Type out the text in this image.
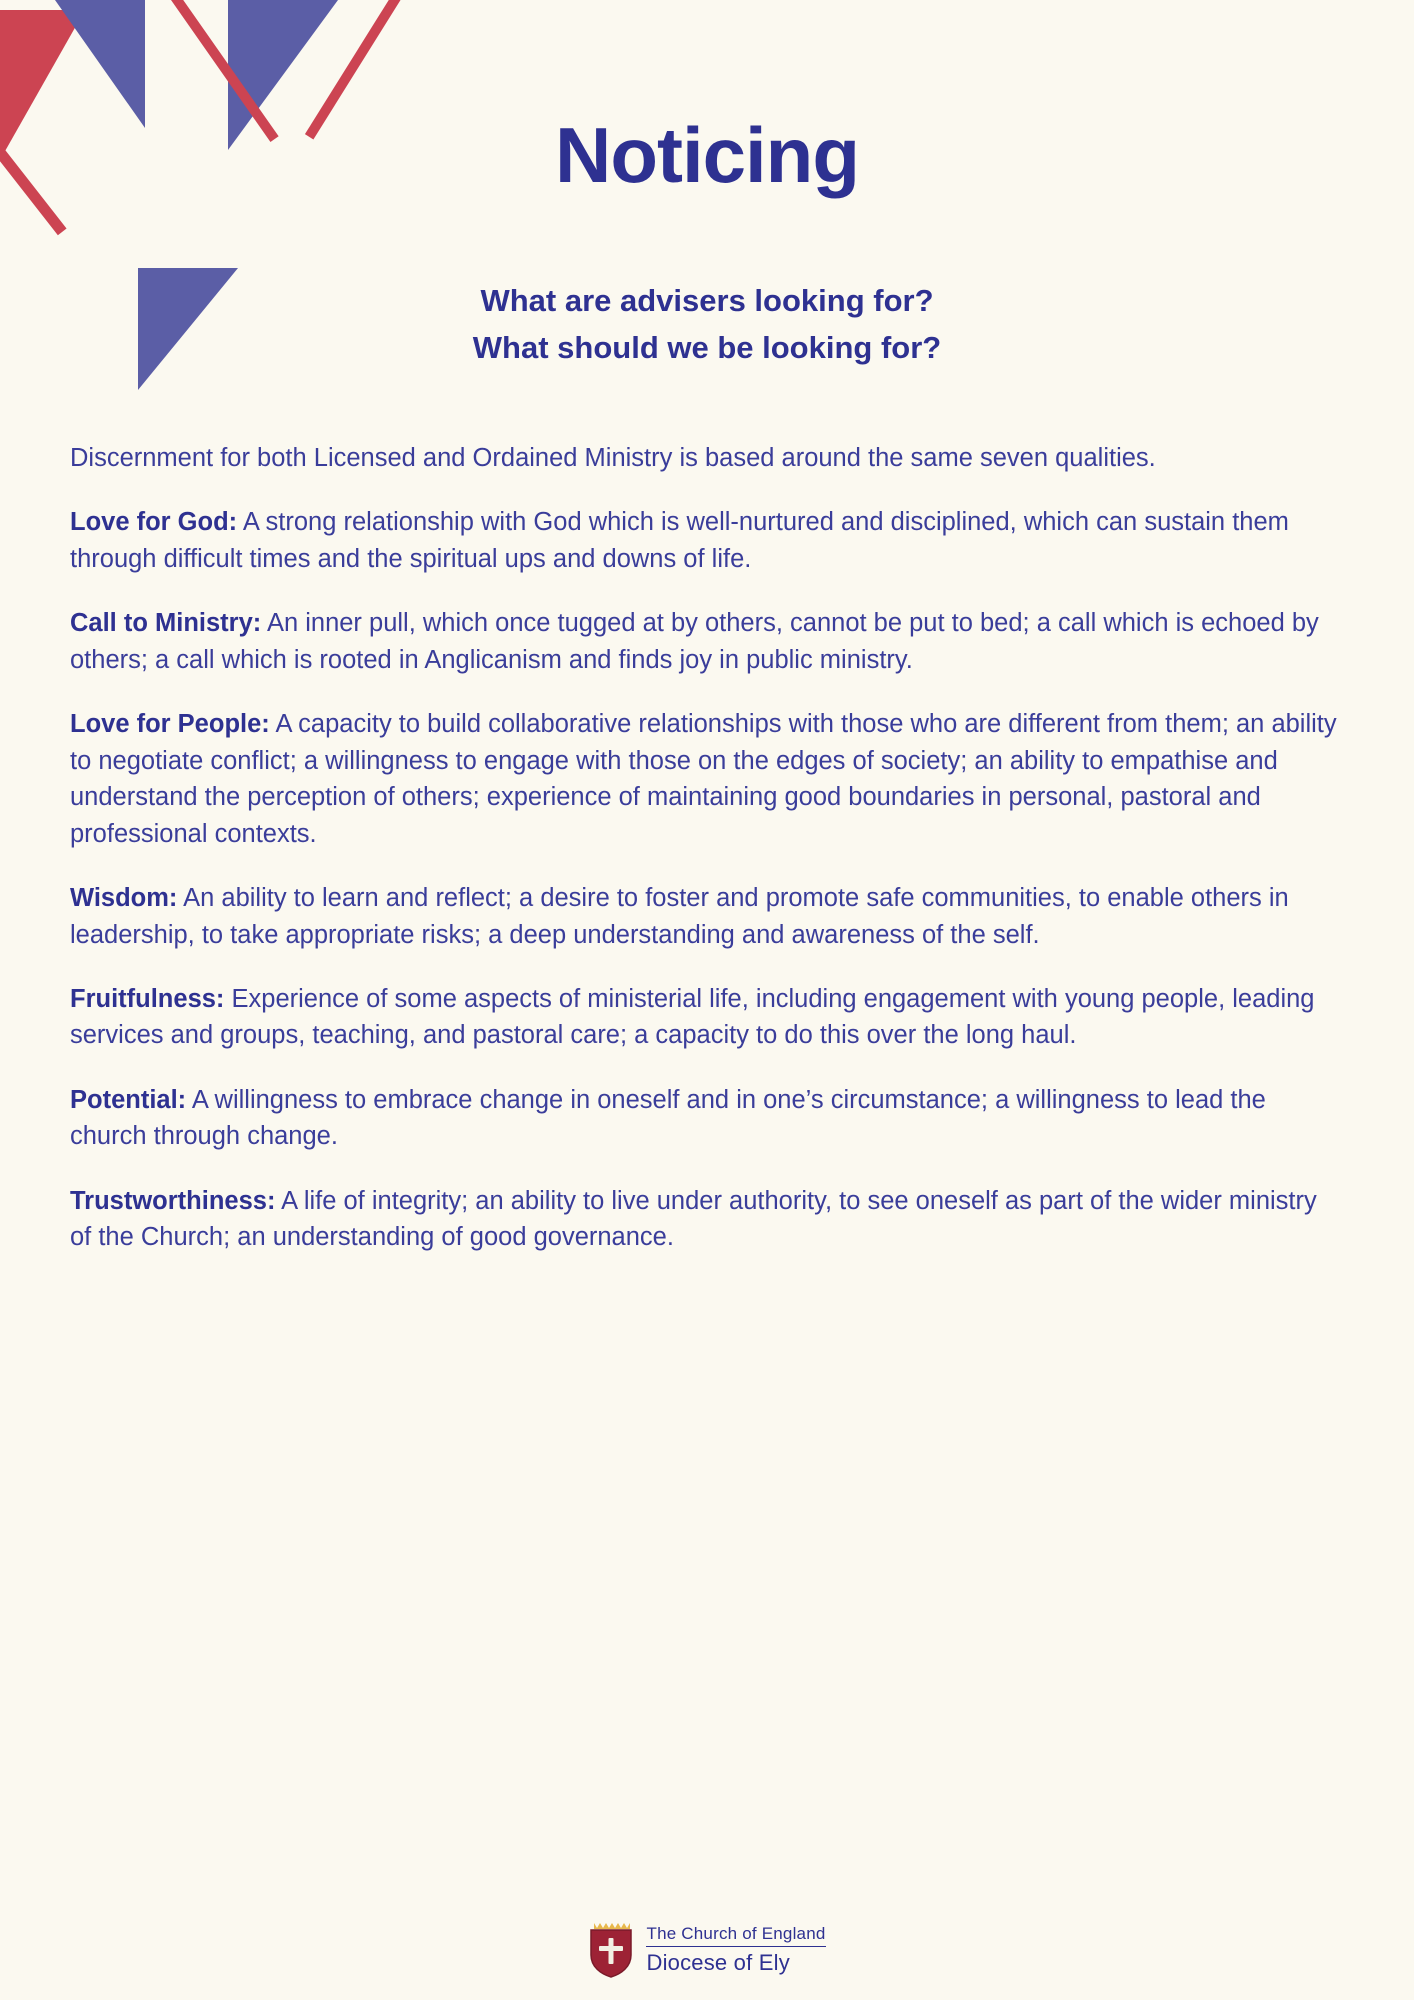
Noticing
What are advisers looking for?
What should we be looking for?

Discernment for both Licensed and Ordained Ministry is based around the same seven qualities.

Love for God: A strong relationship with God which is well-nurtured and disciplined, which can sustain them through difficult times and the spiritual ups and downs of life.

Call to Ministry: An inner pull, which once tugged at by others, cannot be put to bed; a call which is echoed by others; a call which is rooted in Anglicanism and finds joy in public ministry.

Love for People: A capacity to build collaborative relationships with those who are different from them; an ability to negotiate conflict; a willingness to engage with those on the edges of society; an ability to empathise and understand the perception of others; experience of maintaining good boundaries in personal, pastoral and professional contexts.

Wisdom: An ability to learn and reflect; a desire to foster and promote safe communities, to enable others in leadership, to take appropriate risks; a deep understanding and awareness of the self.

Fruitfulness: Experience of some aspects of ministerial life, including engagement with young people, leading services and groups, teaching, and pastoral care; a capacity to do this over the long haul.

Potential: A willingness to embrace change in oneself and in one’s circumstance; a willingness to lead the church through change.

Trustworthiness: A life of integrity; an ability to live under authority, to see oneself as part of the wider ministry of the Church; an understanding of good governance.

The Church of England
Diocese of Ely
